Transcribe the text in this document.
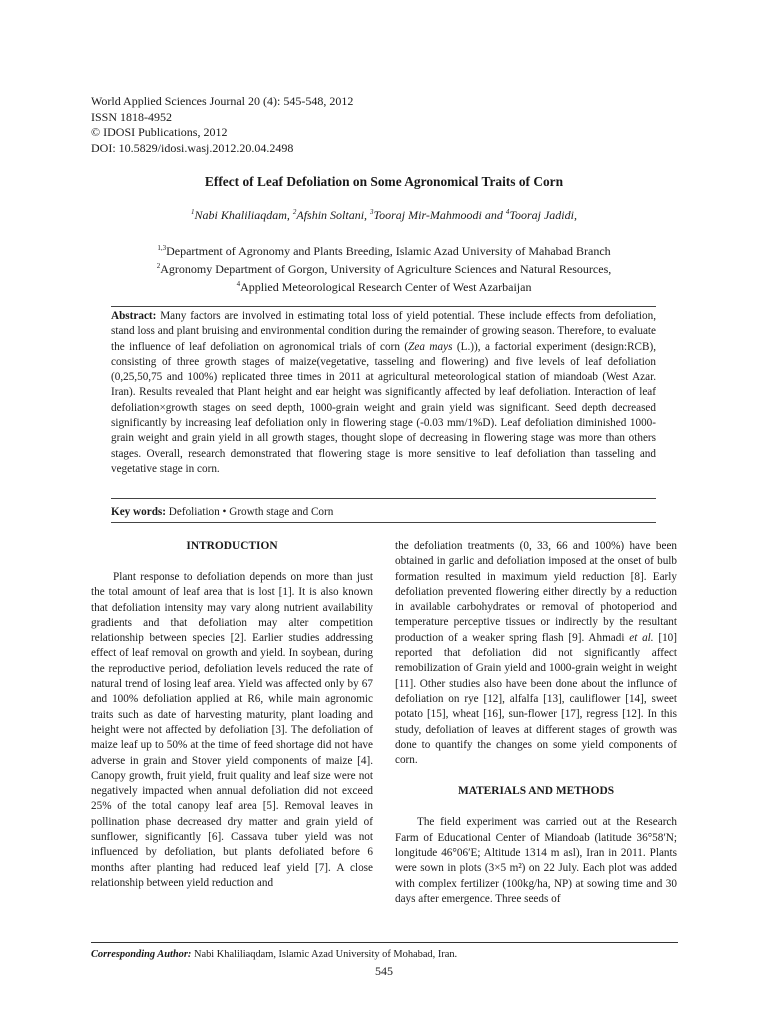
World Applied Sciences Journal 20 (4): 545-548, 2012
ISSN 1818-4952
© IDOSI Publications, 2012
DOI: 10.5829/idosi.wasj.2012.20.04.2498
Effect of Leaf Defoliation on Some Agronomical Traits of Corn
$^1$Nabi Khaliliaqdam, $^2$Afshin Soltani, $^3$Tooraj Mir-Mahmoodi and $^4$Tooraj Jadidi,
$^{1,3}$Department of Agronomy and Plants Breeding, Islamic Azad University of Mahabad Branch
$^2$Agronomy Department of Gorgon, University of Agriculture Sciences and Natural Resources,
$^4$Applied Meteorological Research Center of West Azarbaijan
Abstract: Many factors are involved in estimating total loss of yield potential. These include effects from defoliation, stand loss and plant bruising and environmental condition during the remainder of growing season. Therefore, to evaluate the influence of leaf defoliation on agronomical trials of corn (Zea mays (L.)), a factorial experiment (design:RCB), consisting of three growth stages of maize(vegetative, tasseling and flowering) and five levels of leaf defoliation (0,25,50,75 and 100%) replicated three times in 2011 at agricultural meteorological station of miandoab (West Azar. Iran). Results revealed that Plant height and ear height was significantly affected by leaf defoliation. Interaction of leaf defoliation×growth stages on seed depth, 1000-grain weight and grain yield was significant. Seed depth decreased significantly by increasing leaf defoliation only in flowering stage (-0.03 mm/1%D). Leaf defoliation diminished 1000-grain weight and grain yield in all growth stages, thought slope of decreasing in flowering stage was more than others stages. Overall, research demonstrated that flowering stage is more sensitive to leaf defoliation than tasseling and vegetative stage in corn.
Key words: Defoliation • Growth stage and Corn
INTRODUCTION

Plant response to defoliation depends on more than just the total amount of leaf area that is lost [1]. It is also known that defoliation intensity may vary along nutrient availability gradients and that defoliation may alter competition relationship between species [2]. Earlier studies addressing effect of leaf removal on growth and yield. In soybean, during the reproductive period, defoliation levels reduced the rate of natural trend of losing leaf area. Yield was affected only by 67 and 100% defoliation applied at R6, while main agronomic traits such as date of harvesting maturity, plant loading and height were not affected by defoliation [3]. The defoliation of maize leaf up to 50% at the time of feed shortage did not have adverse in grain and Stover yield components of maize [4]. Canopy growth, fruit yield, fruit quality and leaf size were not negatively impacted when annual defoliation did not exceed 25% of the total canopy leaf area [5]. Removal leaves in pollination phase decreased dry matter and grain yield of sunflower, significantly [6]. Cassava tuber yield was not influenced by defoliation, but plants defoliated before 6 months after planting had reduced leaf yield [7]. A close relationship between yield reduction and

the defoliation treatments (0, 33, 66 and 100%) have been obtained in garlic and defoliation imposed at the onset of bulb formation resulted in maximum yield reduction [8]. Early defoliation prevented flowering either directly by a reduction in available carbohydrates or removal of photoperiod and temperature perceptive tissues or indirectly by the resultant production of a weaker spring flash [9]. Ahmadi et al. [10] reported that defoliation did not significantly affect remobilization of Grain yield and 1000-grain weight in weight [11]. Other studies also have been done about the influnce of defoliation on rye [12], alfalfa [13], cauliflower [14], sweet potato [15], wheat [16], sun-flower [17], regress [12]. In this study, defoliation of leaves at different stages of growth was done to quantify the changes on some yield components of corn.

MATERIALS AND METHODS

The field experiment was carried out at the Research Farm of Educational Center of Miandoab (latitude 36°58′N; longitude 46°06′E; Altitude 1314 m asl), Iran in 2011. Plants were sown in plots (3×5 m²) on 22 July. Each plot was added with complex fertilizer (100kg/ha, NP) at sowing time and 30 days after emergence. Three seeds of

Corresponding Author: Nabi Khaliliaqdam, Islamic Azad University of Mohabad, Iran.
545
